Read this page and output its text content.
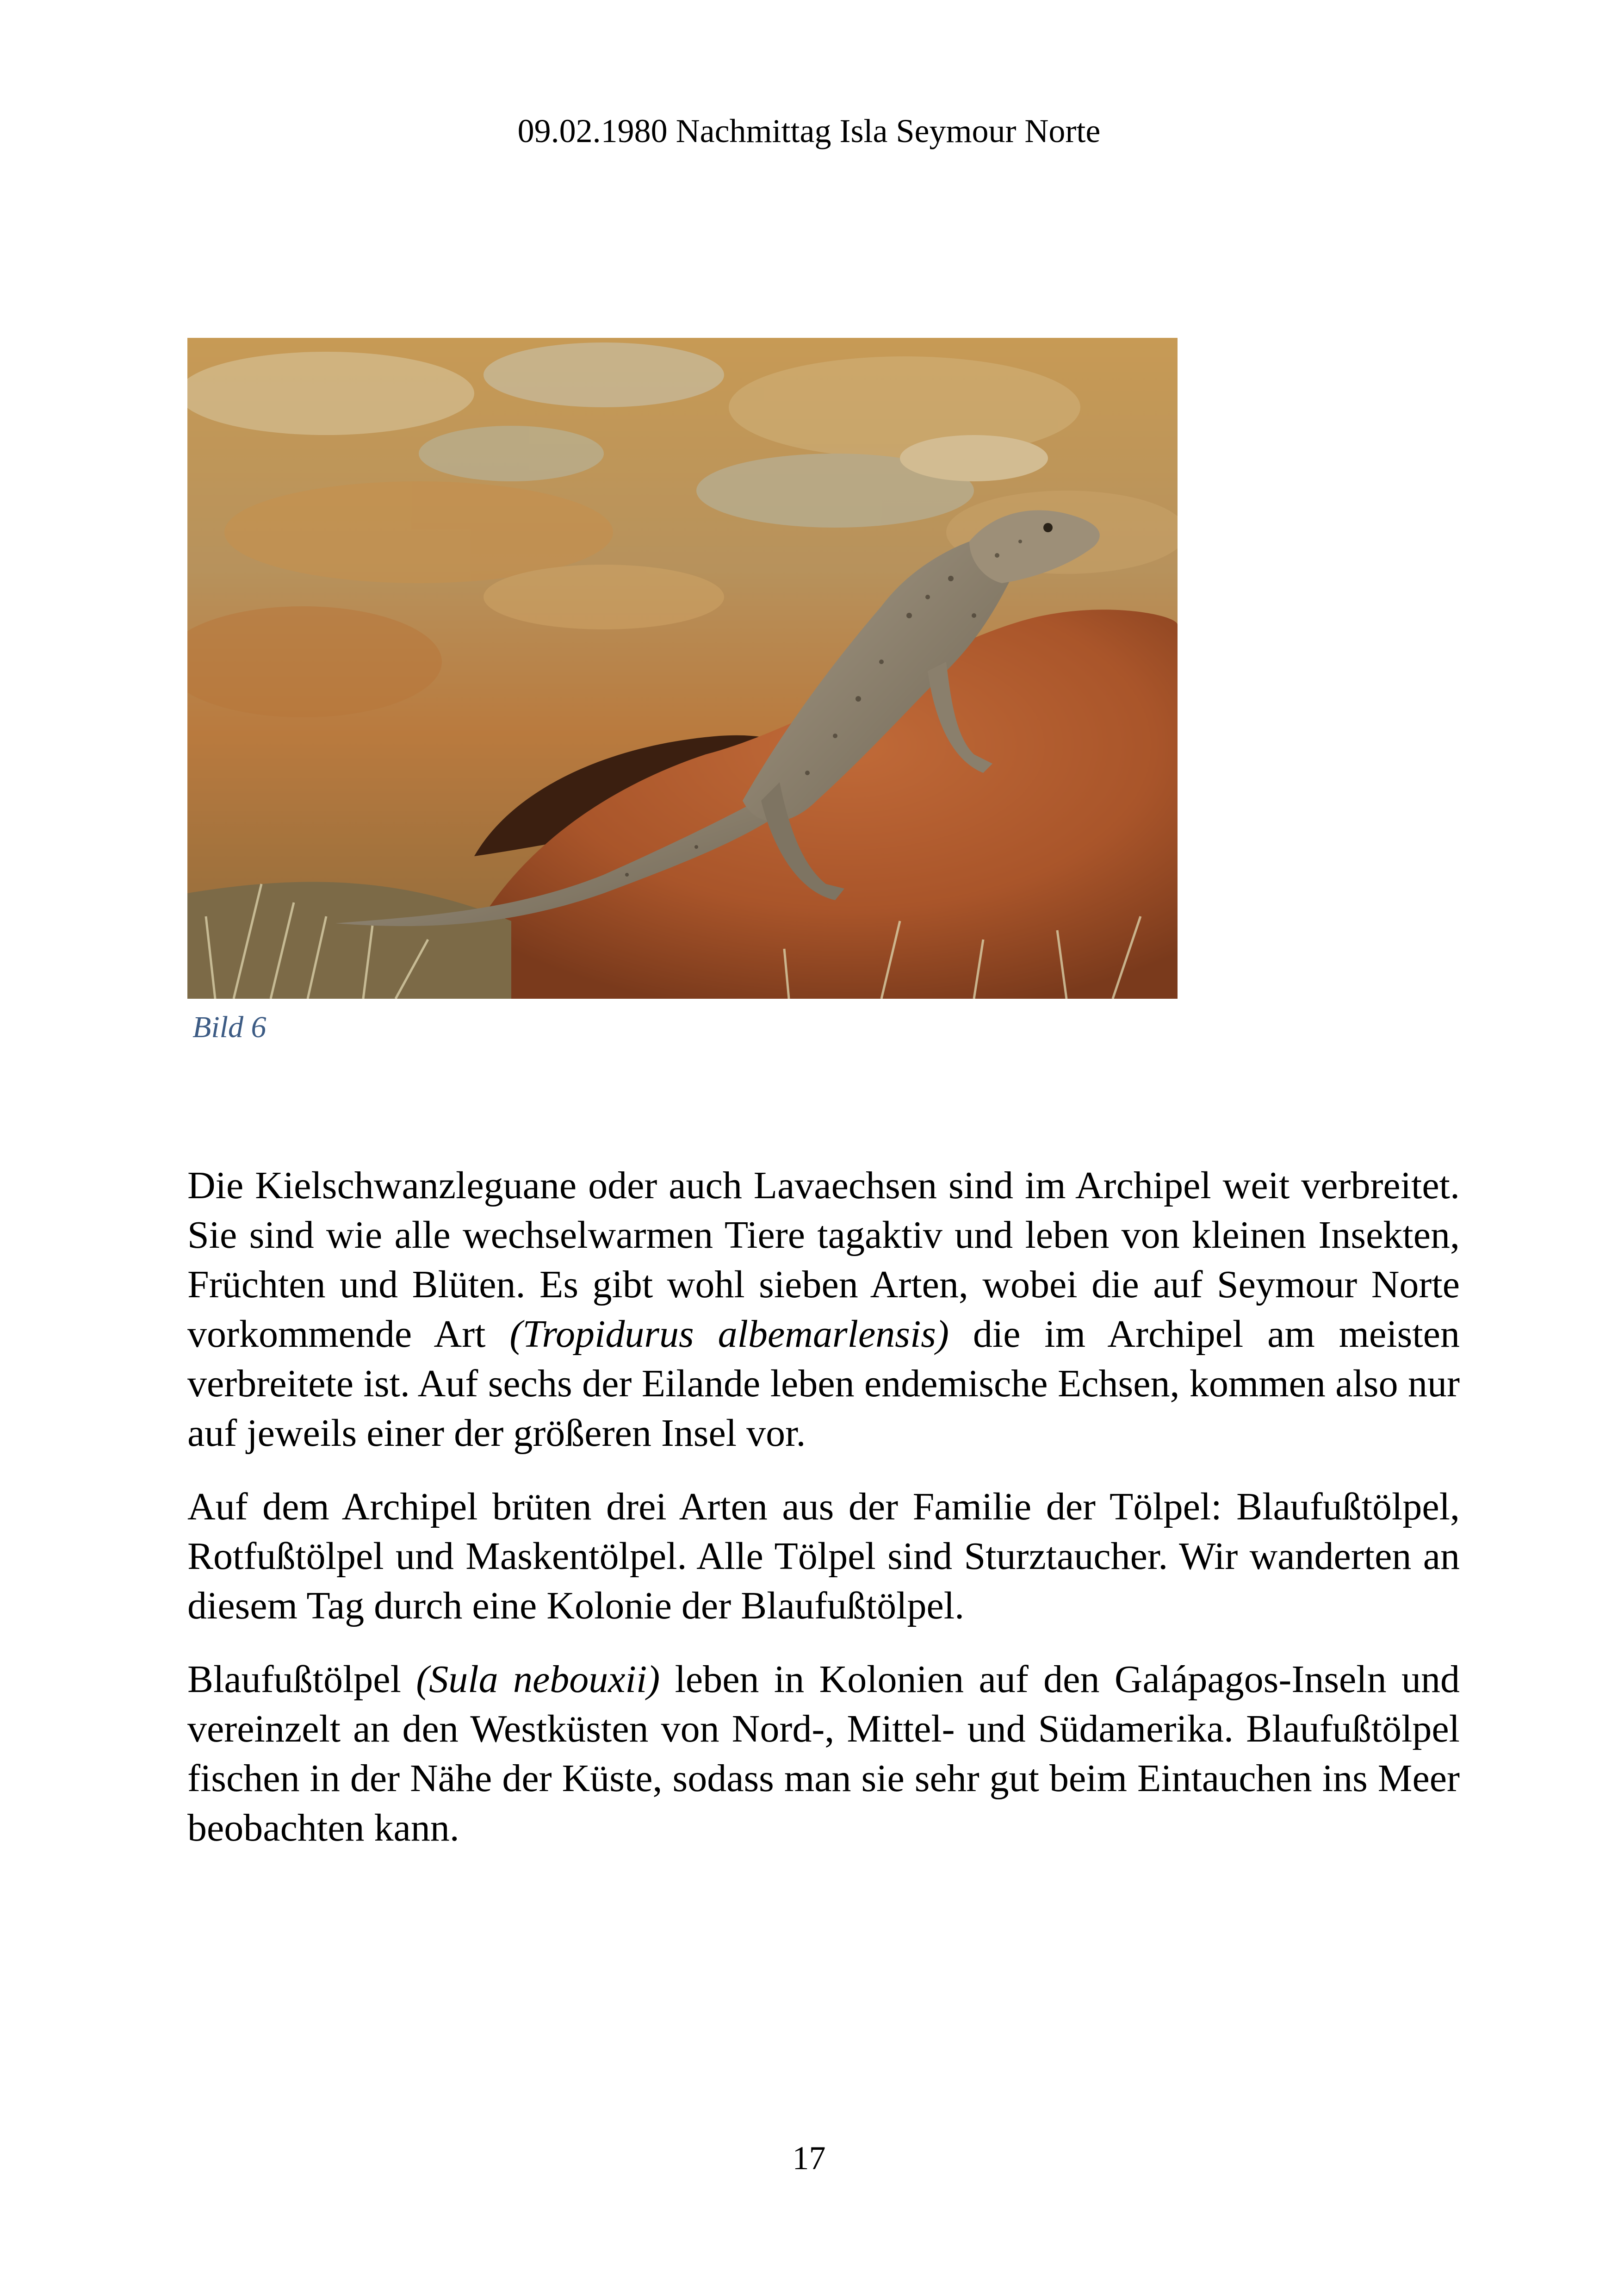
09.02.1980 Nachmittag Isla Seymour Norte
Bild 6

Die Kielschwanzleguane oder auch Lavaechsen sind im Archipel weit verbreitet. Sie sind wie alle wechselwarmen Tiere tagaktiv und leben von kleinen Insekten, Früchten und Blüten. Es gibt wohl sieben Arten, wobei die auf Seymour Norte vorkommende Art (Tropidurus albemarlensis) die im Archipel am meisten verbreitete ist. Auf sechs der Eilande leben endemische Echsen, kommen also nur auf jeweils einer der größeren Insel vor.

Auf dem Archipel brüten drei Arten aus der Familie der Tölpel: Blaufußtölpel, Rotfußtölpel und Maskentölpel. Alle Tölpel sind Sturztaucher. Wir wanderten an diesem Tag durch eine Kolonie der Blaufußtölpel.

Blaufußtölpel (Sula nebouxii) leben in Kolonien auf den Galápagos-Inseln und vereinzelt an den Westküsten von Nord-, Mittel- und Südamerika. Blaufußtölpel fischen in der Nähe der Küste, sodass man sie sehr gut beim Eintauchen ins Meer beobachten kann.

17
